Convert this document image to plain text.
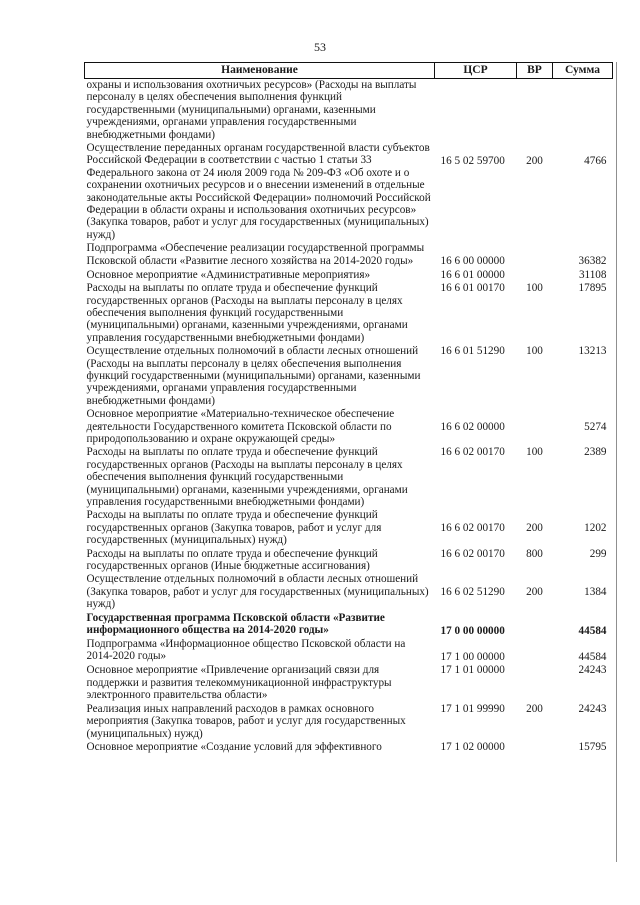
53
Наименование	ЦСР	ВР	Сумма
охраны и использования охотничьих ресурсов» (Расходы на выплаты персоналу в целях обеспечения выполнения функций государственными (муниципальными) органами, казенными учреждениями, органами управления государственными внебюджетными фондами)			
Осуществление переданных органам государственной власти субъектов Российской Федерации в соответствии с частью 1 статьи 33 Федерального закона от 24 июля 2009 года № 209-ФЗ «Об охоте и о сохранении охотничьих ресурсов и о внесении изменений в отдельные законодательные акты Российской Федерации» полномочий Российской Федерации в области охраны и использования охотничьих ресурсов» (Закупка товаров, работ и услуг для государственных (муниципальных) нужд)	16 5 02 59700	200	4766
Подпрограмма «Обеспечение реализации государственной программы Псковской области «Развитие лесного хозяйства на 2014-2020 годы»	16 6 00 00000		36382
Основное мероприятие «Административные мероприятия»	16 6 01 00000		31108
Расходы на выплаты по оплате труда и обеспечение функций государственных органов (Расходы на выплаты персоналу в целях обеспечения выполнения функций государственными (муниципальными) органами, казенными учреждениями, органами управления государственными внебюджетными фондами)	16 6 01 00170	100	17895
Осуществление отдельных полномочий в области лесных отношений (Расходы на выплаты персоналу в целях обеспечения выполнения функций государственными (муниципальными) органами, казенными учреждениями, органами управления государственными внебюджетными фондами)	16 6 01 51290	100	13213
Основное мероприятие «Материально-техническое обеспечение деятельности Государственного комитета Псковской области по природопользованию и охране окружающей среды»	16 6 02 00000		5274
Расходы на выплаты по оплате труда и обеспечение функций государственных органов (Расходы на выплаты персоналу в целях обеспечения выполнения функций государственными (муниципальными) органами, казенными учреждениями, органами управления государственными внебюджетными фондами)	16 6 02 00170	100	2389
Расходы на выплаты по оплате труда и обеспечение функций государственных органов (Закупка товаров, работ и услуг для государственных (муниципальных) нужд)	16 6 02 00170	200	1202
Расходы на выплаты по оплате труда и обеспечение функций государственных органов (Иные бюджетные ассигнования)	16 6 02 00170	800	299
Осуществление отдельных полномочий в области лесных отношений (Закупка товаров, работ и услуг для государственных (муниципальных) нужд)	16 6 02 51290	200	1384
Государственная программа Псковской области «Развитие информационного общества на 2014-2020 годы»	17 0 00 00000		44584
Подпрограмма «Информационное общество Псковской области на 2014-2020 годы»	17 1 00 00000		44584
Основное мероприятие «Привлечение организаций связи для поддержки и развития телекоммуникационной инфраструктуры электронного правительства области»	17 1 01 00000		24243
Реализация иных направлений расходов в рамках основного мероприятия (Закупка товаров, работ и услуг для государственных (муниципальных) нужд)	17 1 01 99990	200	24243
Основное мероприятие «Создание условий для эффективного	17 1 02 00000		15795
